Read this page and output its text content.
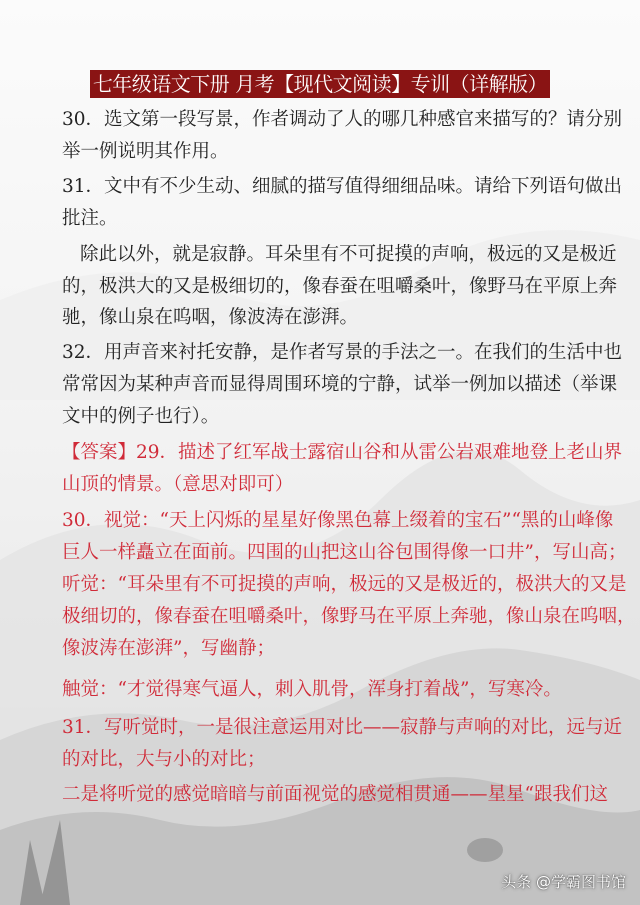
七年级语文下册 月考【现代文阅读】专训（详解版）
30．选文第一段写景，作者调动了人的哪几种感官来描写的？请分别
举一例说明其作用。
31．文中有不少生动、细腻的描写值得细细品味。请给下列语句做出
批注。
除此以外，就是寂静。耳朵里有不可捉摸的声响，极远的又是极近
的，极洪大的又是极细切的，像春蚕在咀嚼桑叶，像野马在平原上奔
驰，像山泉在呜咽，像波涛在澎湃。
32．用声音来衬托安静，是作者写景的手法之一。在我们的生活中也
常常因为某种声音而显得周围环境的宁静，试举一例加以描述（举课
文中的例子也行）。
【答案】29．描述了红军战士露宿山谷和从雷公岩艰难地登上老山界
山顶的情景。（意思对即可）
30．视觉：“天上闪烁的星星好像黑色幕上缀着的宝石”“黑的山峰像
巨人一样矗立在面前。四围的山把这山谷包围得像一口井”，写山高；
听觉：“耳朵里有不可捉摸的声响，极远的又是极近的，极洪大的又是
极细切的，像春蚕在咀嚼桑叶，像野马在平原上奔驰，像山泉在呜咽，
像波涛在澎湃”，写幽静；
触觉：“才觉得寒气逼人，刺入肌骨，浑身打着战”，写寒冷。
31．写听觉时，一是很注意运用对比——寂静与声响的对比，远与近
的对比，大与小的对比；
二是将听觉的感觉暗暗与前面视觉的感觉相贯通——星星“跟我们这
头条 @学霸图书馆
